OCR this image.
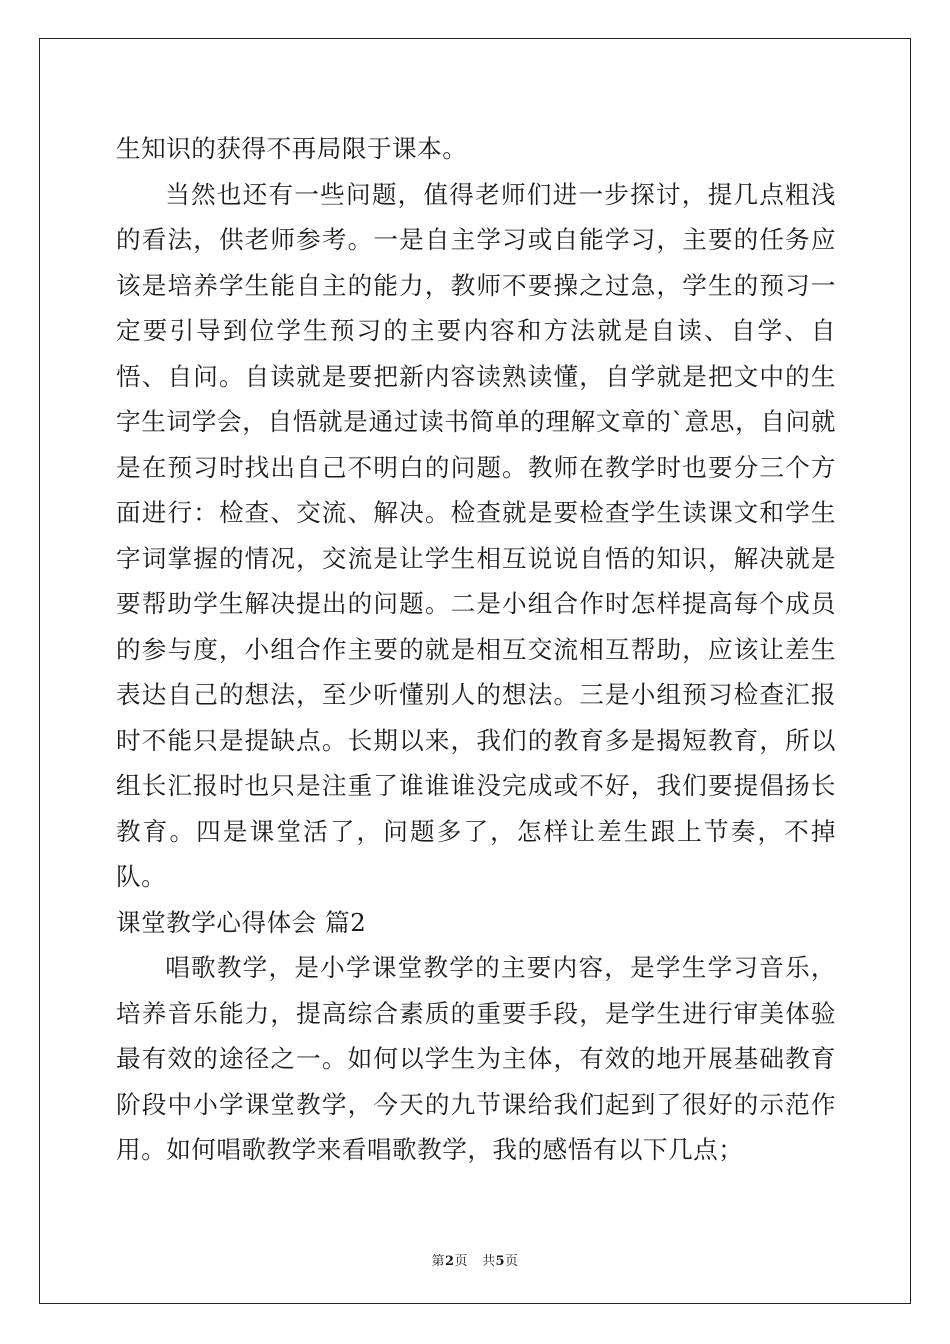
生知识的获得不再局限于课本。

当然也还有一些问题，值得老师们进一步探讨，提几点粗浅的看法，供老师参考。一是自主学习或自能学习，主要的任务应该是培养学生能自主的能力，教师不要操之过急，学生的预习一定要引导到位学生预习的主要内容和方法就是自读、自学、自悟、自问。自读就是要把新内容读熟读懂，自学就是把文中的生字生词学会，自悟就是通过读书简单的理解文章的`意思，自问就是在预习时找出自己不明白的问题。教师在教学时也要分三个方面进行：检查、交流、解决。检查就是要检查学生读课文和学生字词掌握的情况，交流是让学生相互说说自悟的知识，解决就是要帮助学生解决提出的问题。二是小组合作时怎样提高每个成员的参与度，小组合作主要的就是相互交流相互帮助，应该让差生表达自己的想法，至少听懂别人的想法。三是小组预习检查汇报时不能只是提缺点。长期以来，我们的教育多是揭短教育，所以组长汇报时也只是注重了谁谁谁没完成或不好，我们要提倡扬长教育。四是课堂活了，问题多了，怎样让差生跟上节奏，不掉队。

课堂教学心得体会 篇2

唱歌教学，是小学课堂教学的主要内容，是学生学习音乐，培养音乐能力，提高综合素质的重要手段，是学生进行审美体验最有效的途径之一。如何以学生为主体，有效的地开展基础教育阶段中小学课堂教学，今天的九节课给我们起到了很好的示范作用。如何唱歌教学来看唱歌教学，我的感悟有以下几点；

第2页 共5页
